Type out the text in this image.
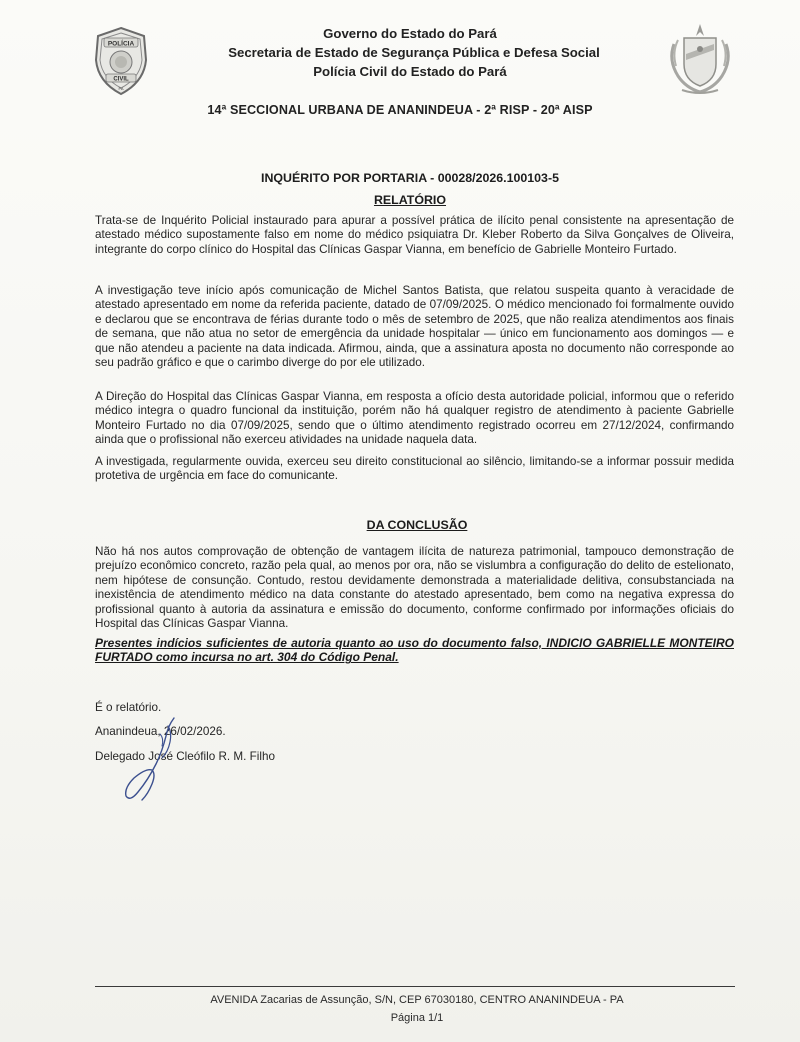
POLÍCIA
CIVIL
PA
Governo do Estado do Pará
Secretaria de Estado de Segurança Pública e Defesa Social
Polícia Civil do Estado do Pará
14ª SECCIONAL URBANA DE ANANINDEUA - 2ª RISP - 20ª AISP
INQUÉRITO POR PORTARIA - 00028/2026.100103-5
RELATÓRIO
Trata-se de Inquérito Policial instaurado para apurar a possível prática de ilícito penal consistente na apresentação de atestado médico supostamente falso em nome do médico psiquiatra Dr. Kleber Roberto da Silva Gonçalves de Oliveira, integrante do corpo clínico do Hospital das Clínicas Gaspar Vianna, em benefício de Gabrielle Monteiro Furtado.
A investigação teve início após comunicação de Michel Santos Batista, que relatou suspeita quanto à veracidade de atestado apresentado em nome da referida paciente, datado de 07/09/2025. O médico mencionado foi formalmente ouvido e declarou que se encontrava de férias durante todo o mês de setembro de 2025, que não realiza atendimentos aos finais de semana, que não atua no setor de emergência da unidade hospitalar — único em funcionamento aos domingos — e que não atendeu a paciente na data indicada. Afirmou, ainda, que a assinatura aposta no documento não corresponde ao seu padrão gráfico e que o carimbo diverge do por ele utilizado.
A Direção do Hospital das Clínicas Gaspar Vianna, em resposta a ofício desta autoridade policial, informou que o referido médico integra o quadro funcional da instituição, porém não há qualquer registro de atendimento à paciente Gabrielle Monteiro Furtado no dia 07/09/2025, sendo que o último atendimento registrado ocorreu em 27/12/2024, confirmando ainda que o profissional não exerceu atividades na unidade naquela data.
A investigada, regularmente ouvida, exerceu seu direito constitucional ao silêncio, limitando-se a informar possuir medida protetiva de urgência em face do comunicante.
DA CONCLUSÃO
Não há nos autos comprovação de obtenção de vantagem ilícita de natureza patrimonial, tampouco demonstração de prejuízo econômico concreto, razão pela qual, ao menos por ora, não se vislumbra a configuração do delito de estelionato, nem hipótese de consunção. Contudo, restou devidamente demonstrada a materialidade delitiva, consubstanciada na inexistência de atendimento médico na data constante do atestado apresentado, bem como na negativa expressa do profissional quanto à autoria da assinatura e emissão do documento, conforme confirmado por informações oficiais do Hospital das Clínicas Gaspar Vianna.
Presentes indícios suficientes de autoria quanto ao uso do documento falso, INDICIO GABRIELLE MONTEIRO FURTADO como incursa no art. 304 do Código Penal.
É o relatório.
Ananindeua, 26/02/2026.
Delegado José Cleófilo R. M. Filho
AVENIDA Zacarias de Assunção, S/N, CEP 67030180, CENTRO ANANINDEUA - PA
Página 1/1
